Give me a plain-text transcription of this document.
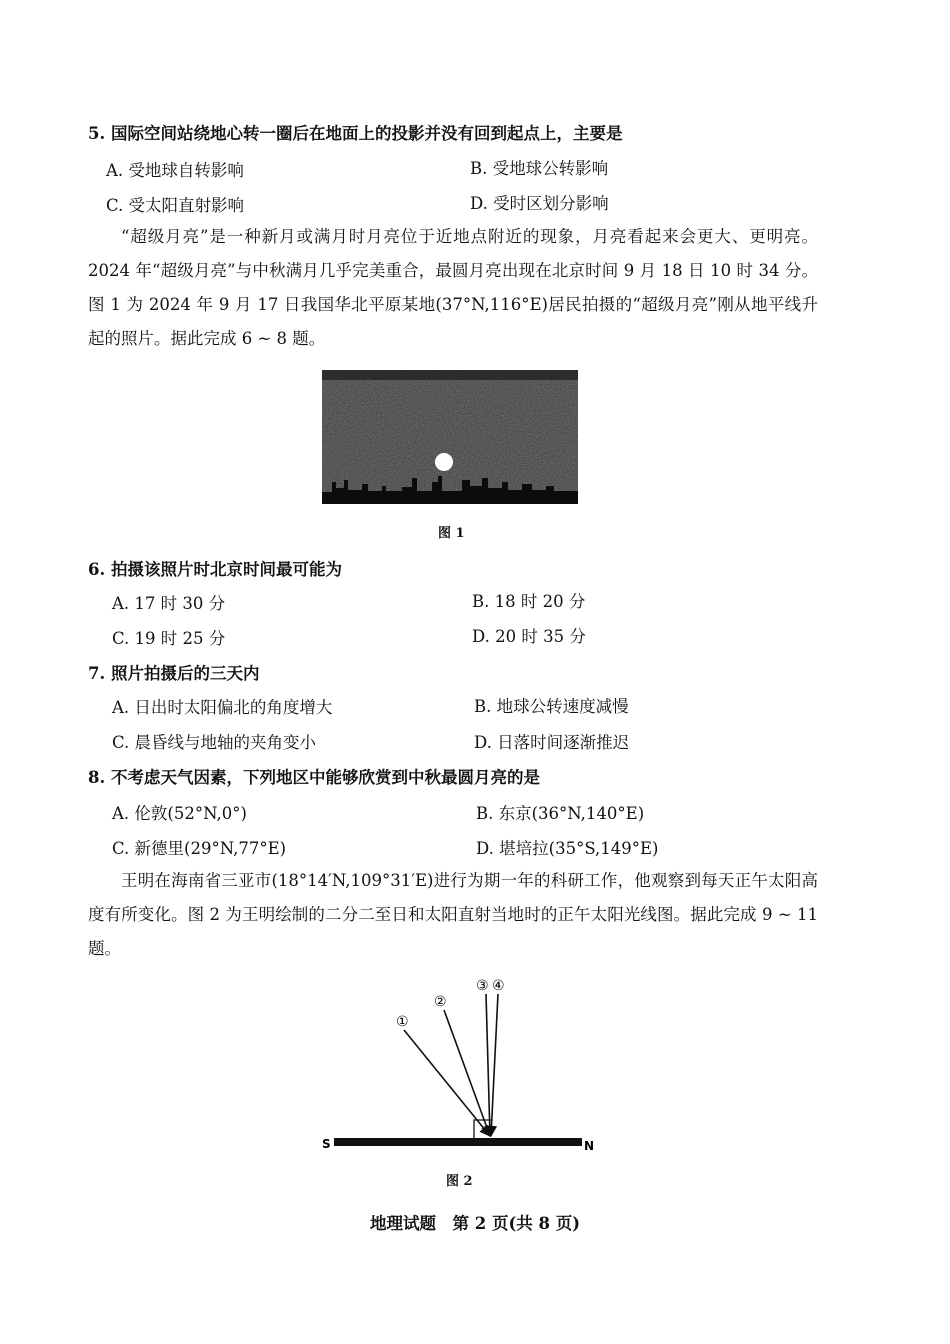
5. 国际空间站绕地心转一圈后在地面上的投影并没有回到起点上，主要是
A. 受地球自转影响	B. 受地球公转影响
C. 受太阳直射影响	D. 受时区划分影响

“超级月亮”是一种新月或满月时月亮位于近地点附近的现象，月亮看起来会更大、更明亮。2024 年“超级月亮”与中秋满月几乎完美重合，最圆月亮出现在北京时间 9 月 18 日 10 时 34 分。图 1 为 2024 年 9 月 17 日我国华北平原某地(37°N,116°E)居民拍摄的“超级月亮”刚从地平线升起的照片。据此完成 6 ~ 8 题。

图 1
6. 拍摄该照片时北京时间最可能为
A. 17 时 30 分	B. 18 时 20 分
C. 19 时 25 分	D. 20 时 35 分
7. 照片拍摄后的三天内
A. 日出时太阳偏北的角度增大	B. 地球公转速度减慢
C. 晨昏线与地轴的夹角变小	D. 日落时间逐渐推迟
8. 不考虑天气因素，下列地区中能够欣赏到中秋最圆月亮的是
A. 伦敦(52°N,0°)	B. 东京(36°N,140°E)
C. 新德里(29°N,77°E)	D. 堪培拉(35°S,149°E)

王明在海南省三亚市(18°14′N,109°31′E)进行为期一年的科研工作，他观察到每天正午太阳高度有所变化。图 2 为王明绘制的二分二至日和太阳直射当地时的正午太阳光线图。据此完成 9 ~ 11 题。

①
②
③ ④
S	N
图 2
地理试题　第 2 页(共 8 页)
